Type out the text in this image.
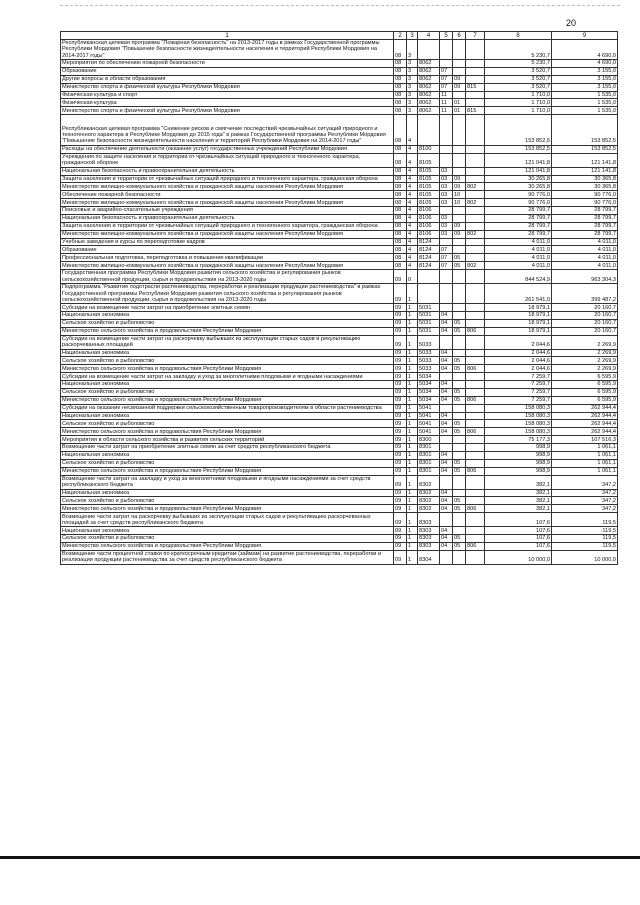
20
1	2	3	4	5	6	7	8	9
Республиканская целевая программа "Пожарная безопасность" на 2013-2017 годы в рамках Государственной программы Республики Мордовия "Повышение безопасности жизнедеятельности населения и территорий Республики Мордовия на 2014-2017 годы"	08	3					5 230,7	4 690,0
Мероприятия по обеспечению пожарной безопасности	08	3	8062				5 230,7	4 690,0
Образование	08	3	8062	07			3 520,7	3 155,0
Другие вопросы в области образования	08	3	8062	07	09		3 520,7	3 155,0
Министерство спорта и физической культуры Республики Мордовия	08	3	8062	07	09	815	3 520,7	3 155,0
Физическая культура и спорт	08	3	8062	11			1 710,0	1 535,0
Физическая культура	08	3	8062	11	01		1 710,0	1 535,0
Министерство спорта и физической культуры Республики Мордовия	08	3	8062	11	01	815	1 710,0	1 535,0
Республиканская целевая программа "Снижение рисков и смягчение последствий чрезвычайных ситуаций природного и техногенного характера в Республике Мордовия до 2015 года" в рамках Государственной программы Республики Мордовия "Повышение безопасности жизнедеятельности населения и территорий Республики Мордовия на 2014-2017 годы"	08	4					153 852,5	153 852,5
Расходы на обеспечение деятельности (оказание услуг) государственных учреждений Республики Мордовия	08	4	8100				153 852,5	153 852,5
Учреждения по защите населения и территории от чрезвычайных ситуаций природного и техногенного характера, гражданской обороне	08	4	8105				121 041,8	121 141,8
Национальная безопасность и правоохранительная деятельность	08	4	8105	03			121 041,8	121 141,8
Защита населения и территории от чрезвычайных ситуаций природного и техногенного характера, гражданская оборона	08	4	8105	03	09		30 265,8	30 365,8
Министерство жилищно-коммунального хозяйства и гражданской защиты населения Республики Мордовия	08	4	8105	03	09	802	30 265,8	30 365,8
Обеспечение пожарной безопасности	08	4	8105	03	10		90 776,0	90 776,0
Министерство жилищно-коммунального хозяйства и гражданской защиты населения Республики Мордовия	08	4	8105	03	10	802	90 776,0	90 776,0
Поисковые и аварийно-спасательные учреждения	08	4	8106				28 799,7	28 799,7
Национальная безопасность и правоохранительная деятельность	08	4	8106	03			28 799,7	28 799,7
Защита населения и территории от чрезвычайных ситуаций природного и техногенного характера, гражданская оборона	08	4	8106	03	09		28 799,7	28 799,7
Министерство жилищно-коммунального хозяйства и гражданской защиты населения Республики Мордовия	08	4	8106	03	09	802	28 799,7	28 799,7
Учебные заведения и курсы по переподготовке кадров	08	4	8124				4 011,0	4 011,0
Образование	08	4	8124	07			4 011,0	4 011,0
Профессиональная подготовка, переподготовка и повышение квалификации	08	4	8124	07	05		4 011,0	4 011,0
Министерство жилищно-коммунального хозяйства и гражданской защиты населения Республики Мордовия	08	4	8124	07	05	802	4 011,0	4 011,0
Государственная программа Республики Мордовия развития сельского хозяйства и регулирования рынков сельскохозяйственной продукции, сырья и продовольствия на 2013-2020 годы	09	0					844 524,9	963 304,3
Подпрограмма "Развитие подотрасли растениеводства, переработки и реализации продукции растениеводства" в рамках Государственной программы Республики Мордовия развития сельского хозяйства и регулирования рынков сельскохозяйственной продукции, сырья и продовольствия на 2013-2020 годы	09	1					261 541,0	399 487,2
Субсидии на возмещение части затрат на приобретение элитных семян	09	1	5031				18 979,1	20 160,7
Национальная экономика	09	1	5031	04			18 979,1	20 160,7
Сельское хозяйство и рыболовство	09	1	5031	04	05		18 979,1	20 160,7
Министерство сельского хозяйства и продовольствия Республики Мордовия	09	1	5031	04	05	806	18 979,1	20 160,7
Субсидии на возмещение части затрат на раскорчевку выбывших из эксплуатации старых садов и рекультивацию раскорчеванных площадей	09	1	5033				2 044,6	2 269,9
Национальная экономика	09	1	5033	04			2 044,6	2 269,9
Сельское хозяйство и рыболовство	09	1	5033	04	05		2 044,6	2 269,9
Министерство сельского хозяйства и продовольствия Республики Мордовия	09	1	5033	04	05	806	2 044,6	2 269,9
Субсидии на возмещение части затрат на закладку и уход за многолетними плодовыми и ягодными насаждениями	09	1	5034				7 259,7	6 595,9
Национальная экономика	09	1	5034	04			7 259,7	6 595,9
Сельское хозяйство и рыболовство	09	1	5034	04	05		7 259,7	6 595,9
Министерство сельского хозяйства и продовольствия Республики Мордовия	09	1	5034	04	05	806	7 259,7	6 595,9
Субсидии на оказание несвязанной поддержки сельскохозяйственным товаропроизводителям в области растениеводства	09	1	5041				158 080,3	262 944,4
Национальная экономика	09	1	5041	04			158 080,3	262 944,4
Сельское хозяйство и рыболовство	09	1	5041	04	05		158 080,3	262 944,4
Министерство сельского хозяйства и продовольствия Республики Мордовия	09	1	5041	04	05	806	158 080,3	262 944,4
Мероприятия в области сельского хозяйства и развития сельских территорий	09	1	8300				75 177,3	107 516,3
Возмещение части затрат на приобретение элитных семян за счет средств республиканского бюджета	09	1	8301				998,9	1 061,1
Национальная экономика	09	1	8301	04			998,9	1 061,1
Сельское хозяйство и рыболовство	09	1	8301	04	05		998,9	1 061,1
Министерство сельского хозяйства и продовольствия Республики Мордовия	09	1	8301	04	05	806	998,9	1 061,1
Возмещение части затрат на закладку и уход за многолетними плодовыми и ягодными насаждениями за счет средств республиканского бюджета	09	1	8302				382,1	347,2
Национальная экономика	09	1	8302	04			382,1	347,2
Сельское хозяйство и рыболовство	09	1	8302	04	05		382,1	347,2
Министерство сельского хозяйства и продовольствия Республики Мордовия	09	1	8302	04	05	806	382,1	347,2
Возмещение части затрат на раскорчевку выбывших из эксплуатации старых садов и рекультивацию раскорчеванных площадей за счет средств республиканского бюджета	09	1	8303				107,6	119,5
Национальная экономика	09	1	8303	04			107,6	119,5
Сельское хозяйство и рыболовство	09	1	8303	04	05		107,6	119,5
Министерство сельского хозяйства и продовольствия Республики Мордовия	09	1	8303	04	05	806	107,6	119,5
Возмещение части процентной ставки по краткосрочным кредитам (займам) на развитие растениеводства, переработки и реализации продукции растениеводства за счет средств республиканского бюджета	09	1	8304				10 000,0	10 000,0
